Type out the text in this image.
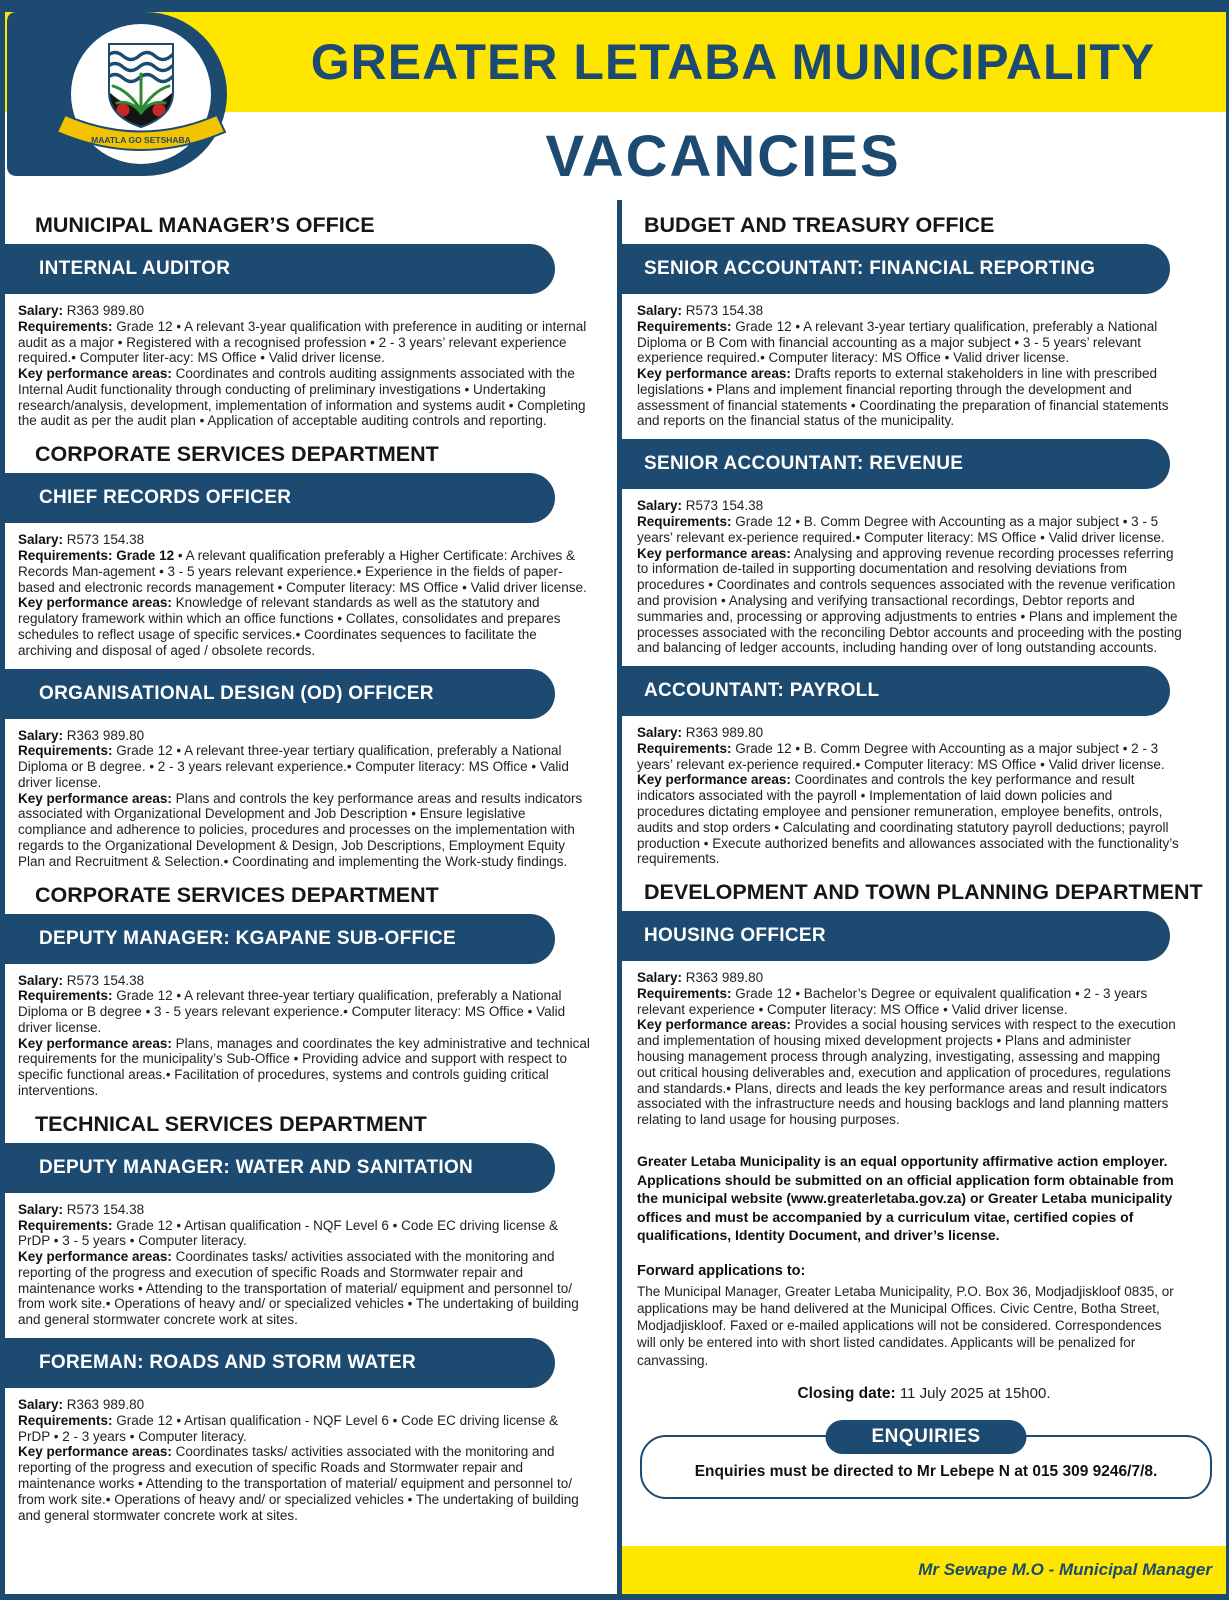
GREATER LETABA MUNICIPALITY
VACANCIES
MAATLA GO SETSHABA
MUNICIPAL MANAGER’S OFFICE
INTERNAL AUDITOR

Salary: R363 989.80

Requirements: Grade 12 • A relevant 3-year qualification with preference in auditing or internal audit as a major • Registered with a recognised profession • 2 - 3 years’ relevant experience required.• Computer liter-acy: MS Office • Valid driver license.

Key performance areas: Coordinates and controls auditing assignments associated with the Internal Audit functionality through conducting of preliminary investigations • Undertaking research/analysis, development, implementation of information and systems audit • Completing the audit as per the audit plan • Application of acceptable auditing controls and reporting.

CORPORATE SERVICES DEPARTMENT
CHIEF RECORDS OFFICER

Salary: R573 154.38

Requirements: Grade 12 • A relevant qualification preferably a Higher Certificate: Archives & Records Man-agement • 3 - 5 years relevant experience.• Experience in the fields of paper-based and electronic records management • Computer literacy: MS Office • Valid driver license.

Key performance areas: Knowledge of relevant standards as well as the statutory and regulatory framework within which an office functions • Collates, consolidates and prepares schedules to reflect usage of specific services.• Coordinates sequences to facilitate the archiving and disposal of aged / obsolete records.

ORGANISATIONAL DESIGN (OD) OFFICER

Salary: R363 989.80

Requirements: Grade 12 • A relevant three-year tertiary qualification, preferably a National Diploma or B degree. • 2 - 3 years relevant experience.• Computer literacy: MS Office • Valid driver license.

Key performance areas: Plans and controls the key performance areas and results indicators associated with Organizational Development and Job Description • Ensure legislative compliance and adherence to policies, procedures and processes on the implementation with regards to the Organizational Development & Design, Job Descriptions, Employment Equity Plan and Recruitment & Selection.• Coordinating and implementing the Work-study findings.

CORPORATE SERVICES DEPARTMENT
DEPUTY MANAGER: KGAPANE SUB-OFFICE

Salary: R573 154.38

Requirements: Grade 12 • A relevant three-year tertiary qualification, preferably a National Diploma or B degree • 3 - 5 years relevant experience.• Computer literacy: MS Office • Valid driver license.

Key performance areas: Plans, manages and coordinates the key administrative and technical requirements for the municipality’s Sub-Office • Providing advice and support with respect to specific functional areas.• Facilitation of procedures, systems and controls guiding critical interventions.

TECHNICAL SERVICES DEPARTMENT
DEPUTY MANAGER: WATER AND SANITATION

Salary: R573 154.38

Requirements: Grade 12 • Artisan qualification - NQF Level 6 • Code EC driving license & PrDP • 3 - 5 years • Computer literacy.

Key performance areas: Coordinates tasks/ activities associated with the monitoring and reporting of the progress and execution of specific Roads and Stormwater repair and maintenance works • Attending to the transportation of material/ equipment and personnel to/ from work site.• Operations of heavy and/ or specialized vehicles • The undertaking of building and general stormwater concrete work at sites.

FOREMAN: ROADS AND STORM WATER

Salary: R363 989.80

Requirements: Grade 12 • Artisan qualification - NQF Level 6 • Code EC driving license & PrDP • 2 - 3 years • Computer literacy.

Key performance areas: Coordinates tasks/ activities associated with the monitoring and reporting of the progress and execution of specific Roads and Stormwater repair and maintenance works • Attending to the transportation of material/ equipment and personnel to/ from work site.• Operations of heavy and/ or specialized vehicles • The undertaking of building and general stormwater concrete work at sites.

BUDGET AND TREASURY OFFICE
SENIOR ACCOUNTANT: FINANCIAL REPORTING

Salary: R573 154.38

Requirements: Grade 12 • A relevant 3-year tertiary qualification, preferably a National Diploma or B Com with financial accounting as a major subject • 3 - 5 years’ relevant experience required.• Computer literacy: MS Office • Valid driver license.

Key performance areas: Drafts reports to external stakeholders in line with prescribed legislations • Plans and implement financial reporting through the development and assessment of financial statements • Coordinating the preparation of financial statements and reports on the financial status of the municipality.

SENIOR ACCOUNTANT: REVENUE

Salary: R573 154.38

Requirements: Grade 12 • B. Comm Degree with Accounting as a major subject • 3 - 5 years’ relevant ex-perience required.• Computer literacy: MS Office • Valid driver license.

Key performance areas: Analysing and approving revenue recording processes referring to information de-tailed in supporting documentation and resolving deviations from procedures • Coordinates and controls sequences associated with the revenue verification and provision • Analysing and verifying transactional recordings, Debtor reports and summaries and, processing or approving adjustments to entries • Plans and implement the processes associated with the reconciling Debtor accounts and proceeding with the posting and balancing of ledger accounts, including handing over of long outstanding accounts.

ACCOUNTANT: PAYROLL

Salary: R363 989.80

Requirements: Grade 12 • B. Comm Degree with Accounting as a major subject • 2 - 3 years’ relevant ex-perience required.• Computer literacy: MS Office • Valid driver license.

Key performance areas: Coordinates and controls the key performance and result indicators associated with the payroll • Implementation of laid down policies and procedures dictating employee and pensioner remuneration, employee benefits, ontrols, audits and stop orders • Calculating and coordinating statutory payroll deductions; payroll production • Execute authorized benefits and allowances associated with the functionality’s requirements.

DEVELOPMENT AND TOWN PLANNING DEPARTMENT
HOUSING OFFICER

Salary: R363 989.80

Requirements: Grade 12 • Bachelor’s Degree or equivalent qualification • 2 - 3 years relevant experience • Computer literacy: MS Office • Valid driver license.

Key performance areas: Provides a social housing services with respect to the execution and implementation of housing mixed development projects • Plans and administer housing management process through analyzing, investigating, assessing and mapping out critical housing deliverables and, execution and application of procedures, regulations and standards.• Plans, directs and leads the key performance areas and result indicators associated with the infrastructure needs and housing backlogs and land planning matters relating to land usage for housing purposes.

Greater Letaba Municipality is an equal opportunity affirmative action employer. Applications should be submitted on an official application form obtainable from the municipal website (www.greaterletaba.gov.za) or Greater Letaba municipality offices and must be accompanied by a curriculum vitae, certified copies of qualifications, Identity Document, and driver’s license.
Forward applications to:
The Municipal Manager, Greater Letaba Municipality, P.O. Box 36, Modjadjiskloof 0835, or applications may be hand delivered at the Municipal Offices. Civic Centre, Botha Street, Modjadjiskloof. Faxed or e-mailed applications will not be considered. Correspondences will only be entered into with short listed candidates. Applicants will be penalized for canvassing.
Closing date: 11 July 2025 at 15h00.
ENQUIRIES
Enquiries must be directed to Mr Lebepe N at 015 309 9246/7/8.
Mr Sewape M.O - Municipal Manager
